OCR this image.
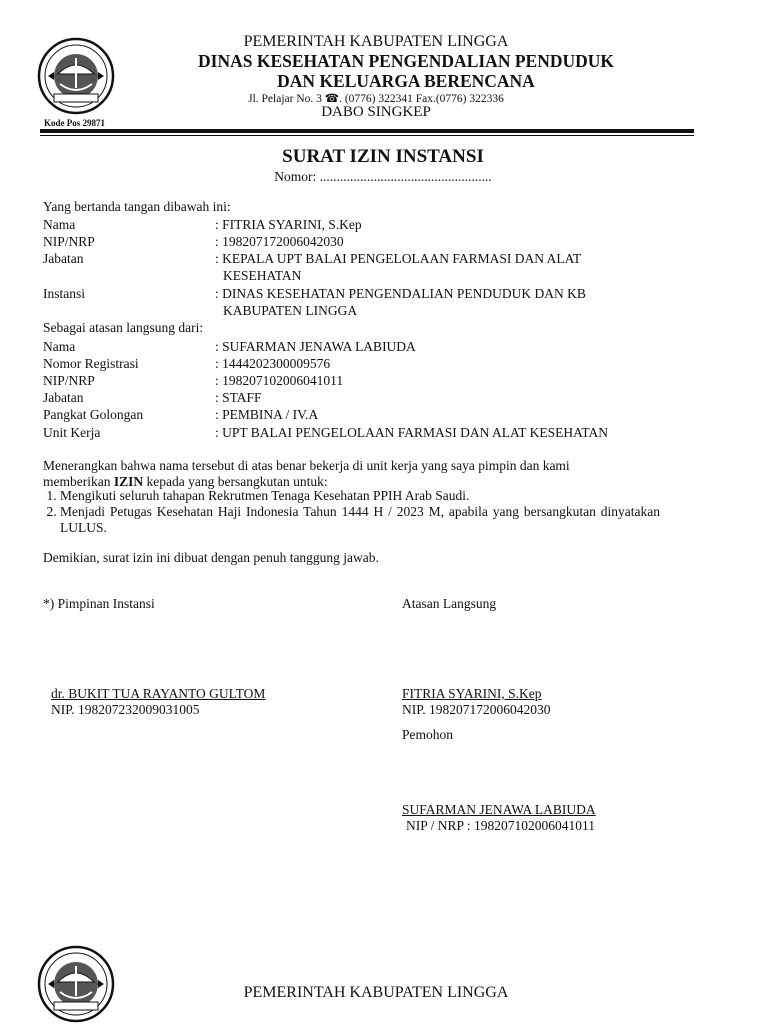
PEMERINTAH KABUPATEN LINGGA
DINAS KESEHATAN PENGENDALIAN PENDUDUK
DAN KELUARGA BERENCANA
Jl. Pelajar No. 3 ☎. (0776) 322341 Fax.(0776) 322336
DABO SINGKEP
Kode Pos 29871
SURAT IZIN INSTANSI
Nomor: ...................................................
Yang bertanda tangan dibawah ini:
Nama	: FITRIA SYARINI, S.Kep
NIP/NRP	: 198207172006042030
Jabatan	: KEPALA UPT BALAI PENGELOLAAN FARMASI DAN ALAT
KESEHATAN
Instansi	: DINAS KESEHATAN PENGENDALIAN PENDUDUK DAN KB
KABUPATEN LINGGA
Sebagai atasan langsung dari:
Nama	: SUFARMAN JENAWA LABIUDA
Nomor Registrasi	: 1444202300009576
NIP/NRP	: 198207102006041011
Jabatan	: STAFF
Pangkat Golongan	: PEMBINA / IV.A
Unit Kerja	: UPT BALAI PENGELOLAAN FARMASI DAN ALAT KESEHATAN
Menerangkan bahwa nama tersebut di atas benar bekerja di unit kerja yang saya pimpin dan kami
memberikan IZIN kepada yang bersangkutan untuk:
1. Mengikuti seluruh tahapan Rekrutmen Tenaga Kesehatan PPIH Arab Saudi.
2. Menjadi Petugas Kesehatan Haji Indonesia Tahun 1444 H / 2023 M, apabila yang bersangkutan dinyatakan LULUS.
Demikian, surat izin ini dibuat dengan penuh tanggung jawab.
*) Pimpinan Instansi	Atasan Langsung
dr. BUKIT TUA RAYANTO GULTOM
NIP. 198207232009031005
FITRIA SYARINI, S.Kep
NIP. 198207172006042030
Pemohon
SUFARMAN JENAWA LABIUDA
NIP / NRP : 198207102006041011
PEMERINTAH KABUPATEN LINGGA
